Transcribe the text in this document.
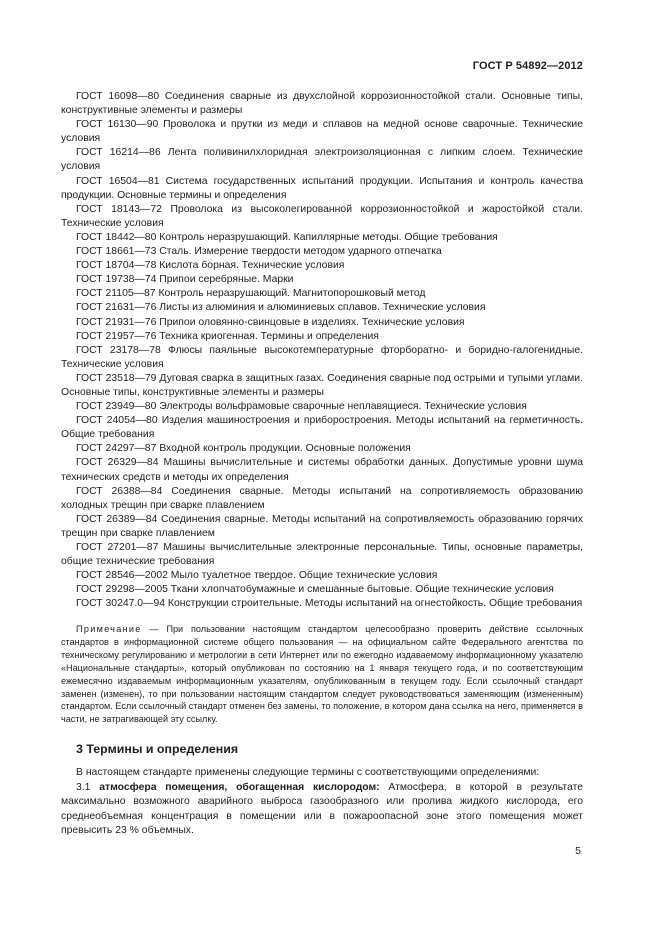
ГОСТ Р 54892—2012

ГОСТ 16098—80 Соединения сварные из двухслойной коррозионностойкой стали. Основные типы, конструктивные элементы и размеры

ГОСТ 16130—90 Проволока и прутки из меди и сплавов на медной основе сварочные. Технические условия

ГОСТ 16214—86 Лента поливинилхлоридная электроизоляционная с липким слоем. Технические условия

ГОСТ 16504—81 Система государственных испытаний продукции. Испытания и контроль качества продукции. Основные термины и определения

ГОСТ 18143—72 Проволока из высоколегированной коррозионностойкой и жаростойкой стали. Технические условия

ГОСТ 18442—80 Контроль неразрушающий. Капиллярные методы. Общие требования

ГОСТ 18661—73 Сталь. Измерение твердости методом ударного отпечатка

ГОСТ 18704—78 Кислота борная. Технические условия

ГОСТ 19738—74 Припои серебряные. Марки

ГОСТ 21105—87 Контроль неразрушающий. Магнитопорошковый метод

ГОСТ 21631—76 Листы из алюминия и алюминиевых сплавов. Технические условия

ГОСТ 21931—76 Припои оловянно-свинцовые в изделиях. Технические условия

ГОСТ 21957—76 Техника криогенная. Термины и определения

ГОСТ 23178—78 Флюсы паяльные высокотемпературные фторборатно- и боридно-галогенидные. Технические условия

ГОСТ 23518—79 Дуговая сварка в защитных газах. Соединения сварные под острыми и тупыми углами. Основные типы, конструктивные элементы и размеры

ГОСТ 23949—80 Электроды вольфрамовые сварочные неплавящиеся. Технические условия

ГОСТ 24054—80 Изделия машиностроения и приборостроения. Методы испытаний на герметичность. Общие требования

ГОСТ 24297—87 Входной контроль продукции. Основные положения

ГОСТ 26329—84 Машины вычислительные и системы обработки данных. Допустимые уровни шума технических средств и методы их определения

ГОСТ 26388—84 Соединения сварные. Методы испытаний на сопротивляемость образованию холодных трещин при сварке плавлением

ГОСТ 26389—84 Соединения сварные. Методы испытаний на сопротивляемость образованию горячих трещин при сварке плавлением

ГОСТ 27201—87 Машины вычислительные электронные персональные. Типы, основные параметры, общие технические требования

ГОСТ 28546—2002 Мыло туалетное твердое. Общие технические условия

ГОСТ 29298—2005 Ткани хлопчатобумажные и смешанные бытовые. Общие технические условия

ГОСТ 30247.0—94 Конструкции строительные. Методы испытаний на огнестойкость. Общие требования

Примечание — При пользовании настоящим стандартом целесообразно проверить действие ссылочных стандартов в информационной системе общего пользования — на официальном сайте Федерального агентства по техническому регулированию и метрологии в сети Интернет или по ежегодно издаваемому информационному указателю «Национальные стандарты», который опубликован по состоянию на 1 января текущего года, и по соответствующим ежемесячно издаваемым информационным указателям, опубликованным в текущем году. Если ссылочный стандарт заменен (изменен), то при пользовании настоящим стандартом следует руководствоваться заменяющим (измененным) стандартом. Если ссылочный стандарт отменен без замены, то положение, в котором дана ссылка на него, применяется в части, не затрагивающей эту ссылку.

3 Термины и определения

В настоящем стандарте применены следующие термины с соответствующими определениями:

3.1 атмосфера помещения, обогащенная кислородом: Атмосфера, в которой в результате максимально возможного аварийного выброса газообразного или пролива жидкого кислорода, его среднеобъемная концентрация в помещении или в пожароопасной зоне этого помещения может превысить 23 % объемных.

5
